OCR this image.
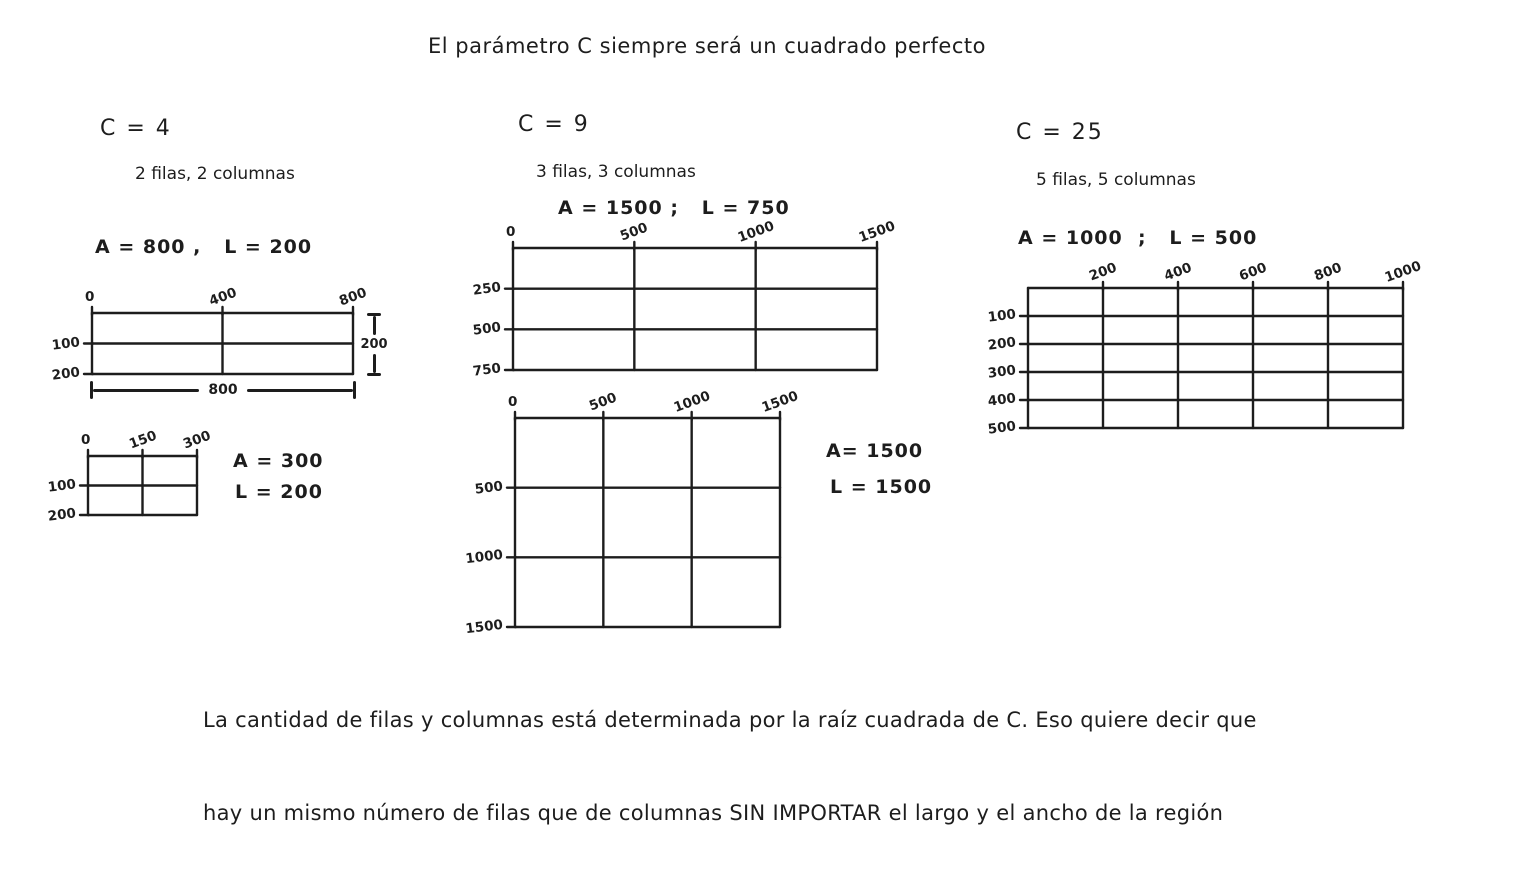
El parámetro C siempre será un cuadrado perfecto
C = 4
2 filas, 2 columnas
A = 800 ,   L = 200
0	400	800
100
200
800
200
0	150 300
100
200
A = 300
L = 200
C = 9
3 filas, 3 columnas
A = 1500 ;   L = 750
0	500	1000	1500
250
500
750
0	500	1000	1500
500
1000
1500
A= 1500
L = 1500
C = 25
5 filas, 5 columnas
A = 1000  ;   L = 500
200	400	600	800	1000
100
200
300
400
500

La cantidad de filas y columnas está determinada por la raíz cuadrada de C. Eso quiere decir que

hay un mismo número de filas que de columnas SIN IMPORTAR el largo y el ancho de la región
